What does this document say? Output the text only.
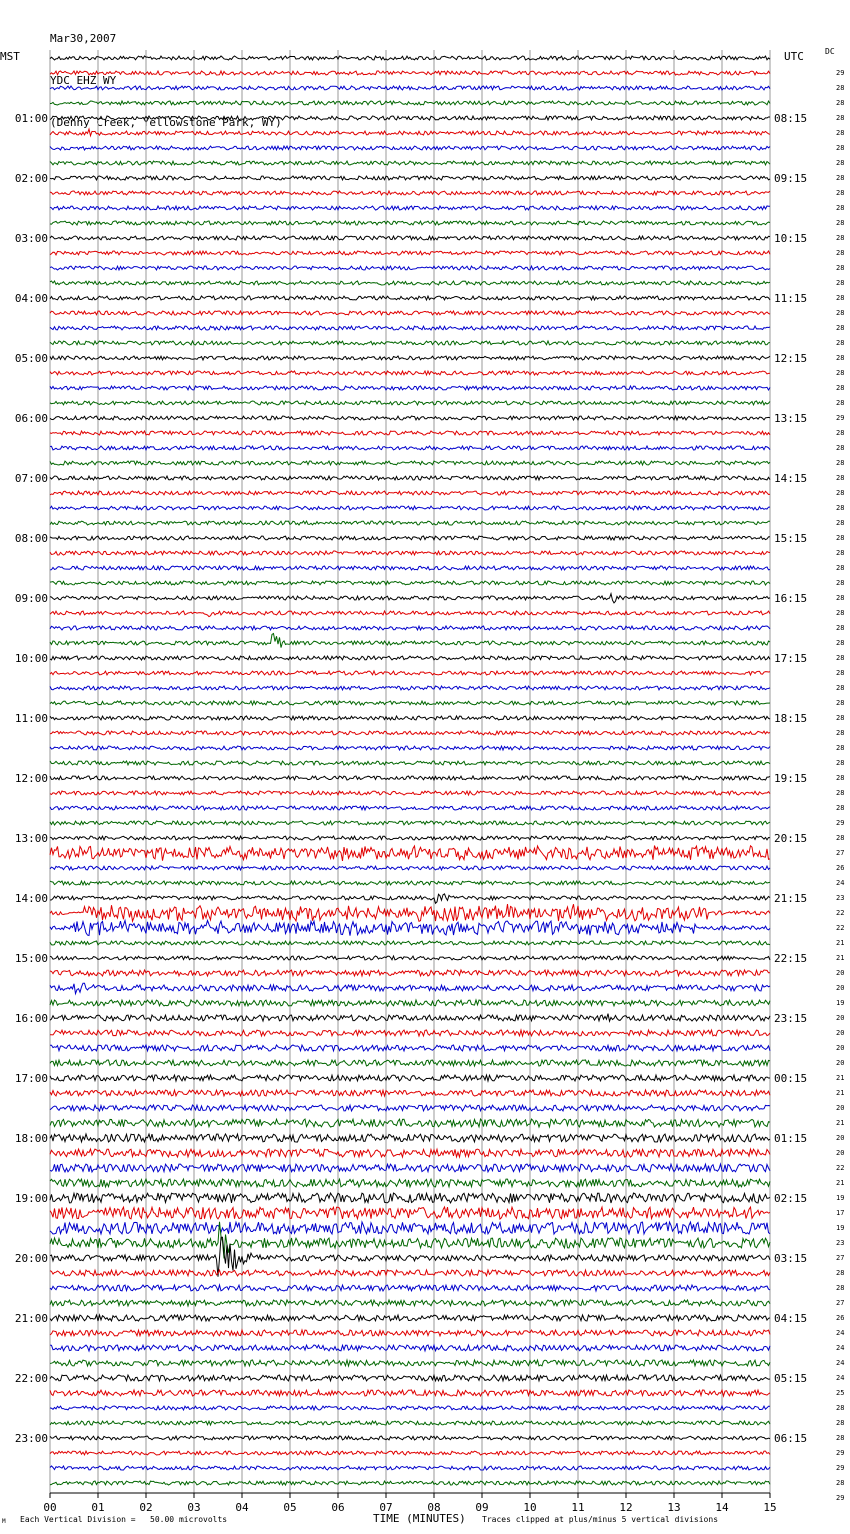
Mar30,2007

YDC EHZ WY

(Denny Creek, Yellowstone Park, WY)

MST	UTC	DC
29
28
28
28
28
28
28
28
28
28
28
28
28
28
28
28
28
28
28
28
28
28
28
29
28
28
28
28
28
28
28
28
28
28
28
28
28
28
28
28
28
28
28
28
28
28
28
28
28
28
29
28
27
26
24
23
22
22
21
21
20
20
19
20
20
20
20
21
21
20
21
20
20
22
21
19
17
19
23
27
28
28
27
26
24
24
24
24
25
28
28
28
29
29
28
29
01:00	08:15
02:00	09:15
03:00	10:15
04:00	11:15
05:00	12:15
06:00	13:15
07:00	14:15
08:00	15:15
09:00	16:15
10:00	17:15
11:00	18:15
12:00	19:15
13:00	20:15
14:00	21:15
15:00	22:15
16:00	23:15
17:00	00:15
18:00	01:15
19:00	02:15
20:00	03:15
21:00	04:15
22:00	05:15
23:00	06:15
00	01	02	03	04	05	06	07	08	09	10	11	12	13	14	15
M Each Vertical Division =   50.00 microvolts	TIME (MINUTES) Traces clipped at plus/minus 5 vertical divisions
